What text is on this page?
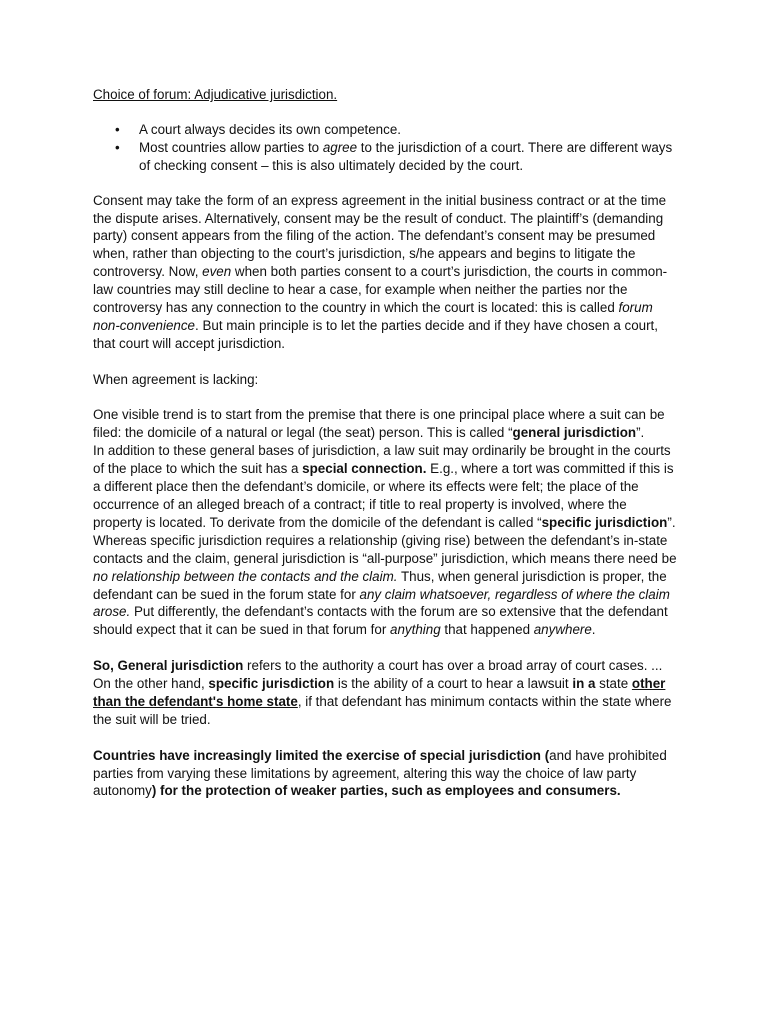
Choice of forum: Adjudicative jurisdiction.
• A court always decides its own competence.
• Most countries allow parties to agree to the jurisdiction of a court. There are different ways of checking consent – this is also ultimately decided by the court.

Consent may take the form of an express agreement in the initial business contract or at the time the dispute arises. Alternatively, consent may be the result of conduct. The plaintiff’s (demanding party) consent appears from the filing of the action. The defendant’s consent may be presumed when, rather than objecting to the court’s jurisdiction, s/he appears and begins to litigate the controversy. Now, even when both parties consent to a court’s jurisdiction, the courts in common-law countries may still decline to hear a case, for example when neither the parties nor the controversy has any connection to the country in which the court is located: this is called forum non-convenience. But main principle is to let the parties decide and if they have chosen a court, that court will accept jurisdiction.

When agreement is lacking:

One visible trend is to start from the premise that there is one principal place where a suit can be filed: the domicile of a natural or legal (the seat) person. This is called “general jurisdiction”.

In addition to these general bases of jurisdiction, a law suit may ordinarily be brought in the courts of the place to which the suit has a special connection. E.g., where a tort was committed if this is a different place then the defendant’s domicile, or where its effects were felt; the place of the occurrence of an alleged breach of a contract; if title to real property is involved, where the property is located. To derivate from the domicile of the defendant is called “specific jurisdiction”. Whereas specific jurisdiction requires a relationship (giving rise) between the defendant’s in-state contacts and the claim, general jurisdiction is “all-purpose” jurisdiction, which means there need be no relationship between the contacts and the claim. Thus, when general jurisdiction is proper, the defendant can be sued in the forum state for any claim whatsoever, regardless of where the claim arose. Put differently, the defendant’s contacts with the forum are so extensive that the defendant should expect that it can be sued in that forum for anything that happened anywhere.

So, General jurisdiction refers to the authority a court has over a broad array of court cases. ... On the other hand, specific jurisdiction is the ability of a court to hear a lawsuit in a state other than the defendant's home state, if that defendant has minimum contacts within the state where the suit will be tried.

Countries have increasingly limited the exercise of special jurisdiction (and have prohibited parties from varying these limitations by agreement, altering this way the choice of law party autonomy) for the protection of weaker parties, such as employees and consumers.
